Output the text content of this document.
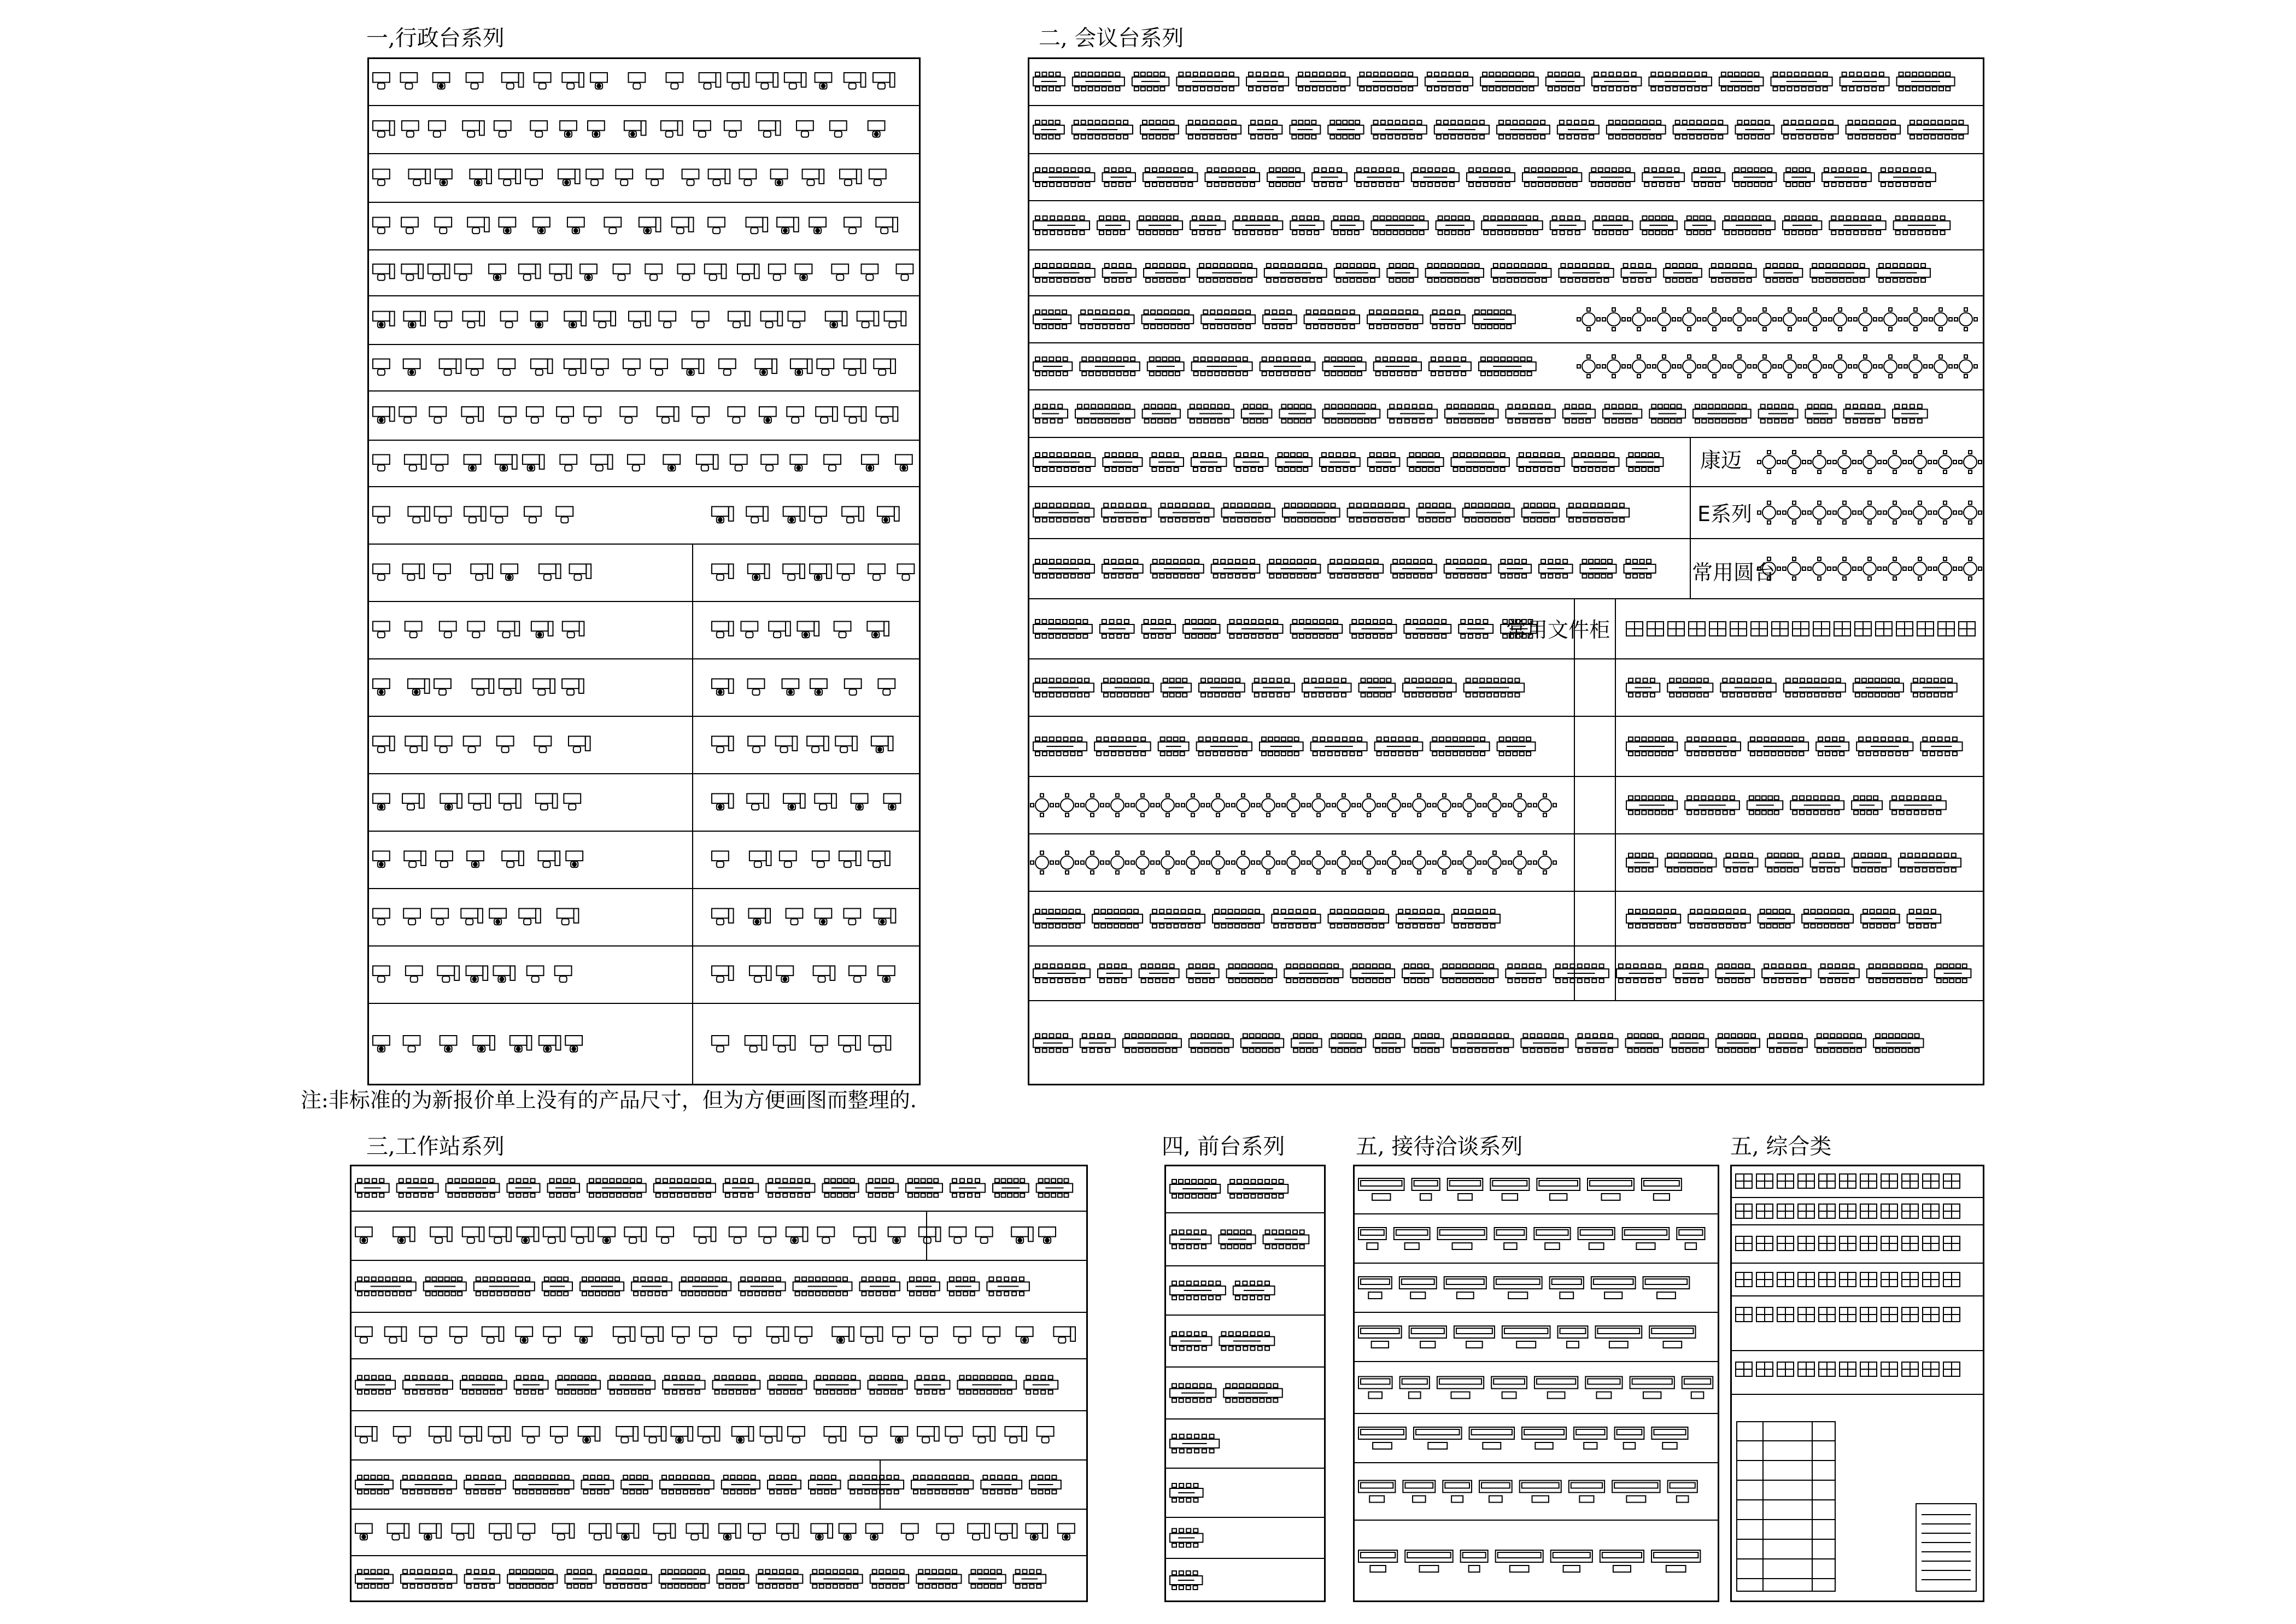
一,行政台系列	二, 会议台系列
三,工作站系列	四, 前台系列	五, 接待洽谈系列	五, 综合类
注:非标准的为新报价单上没有的产品尺寸，但为方便画图而整理的.
康迈
E系列
常用圆台
常用文件柜
